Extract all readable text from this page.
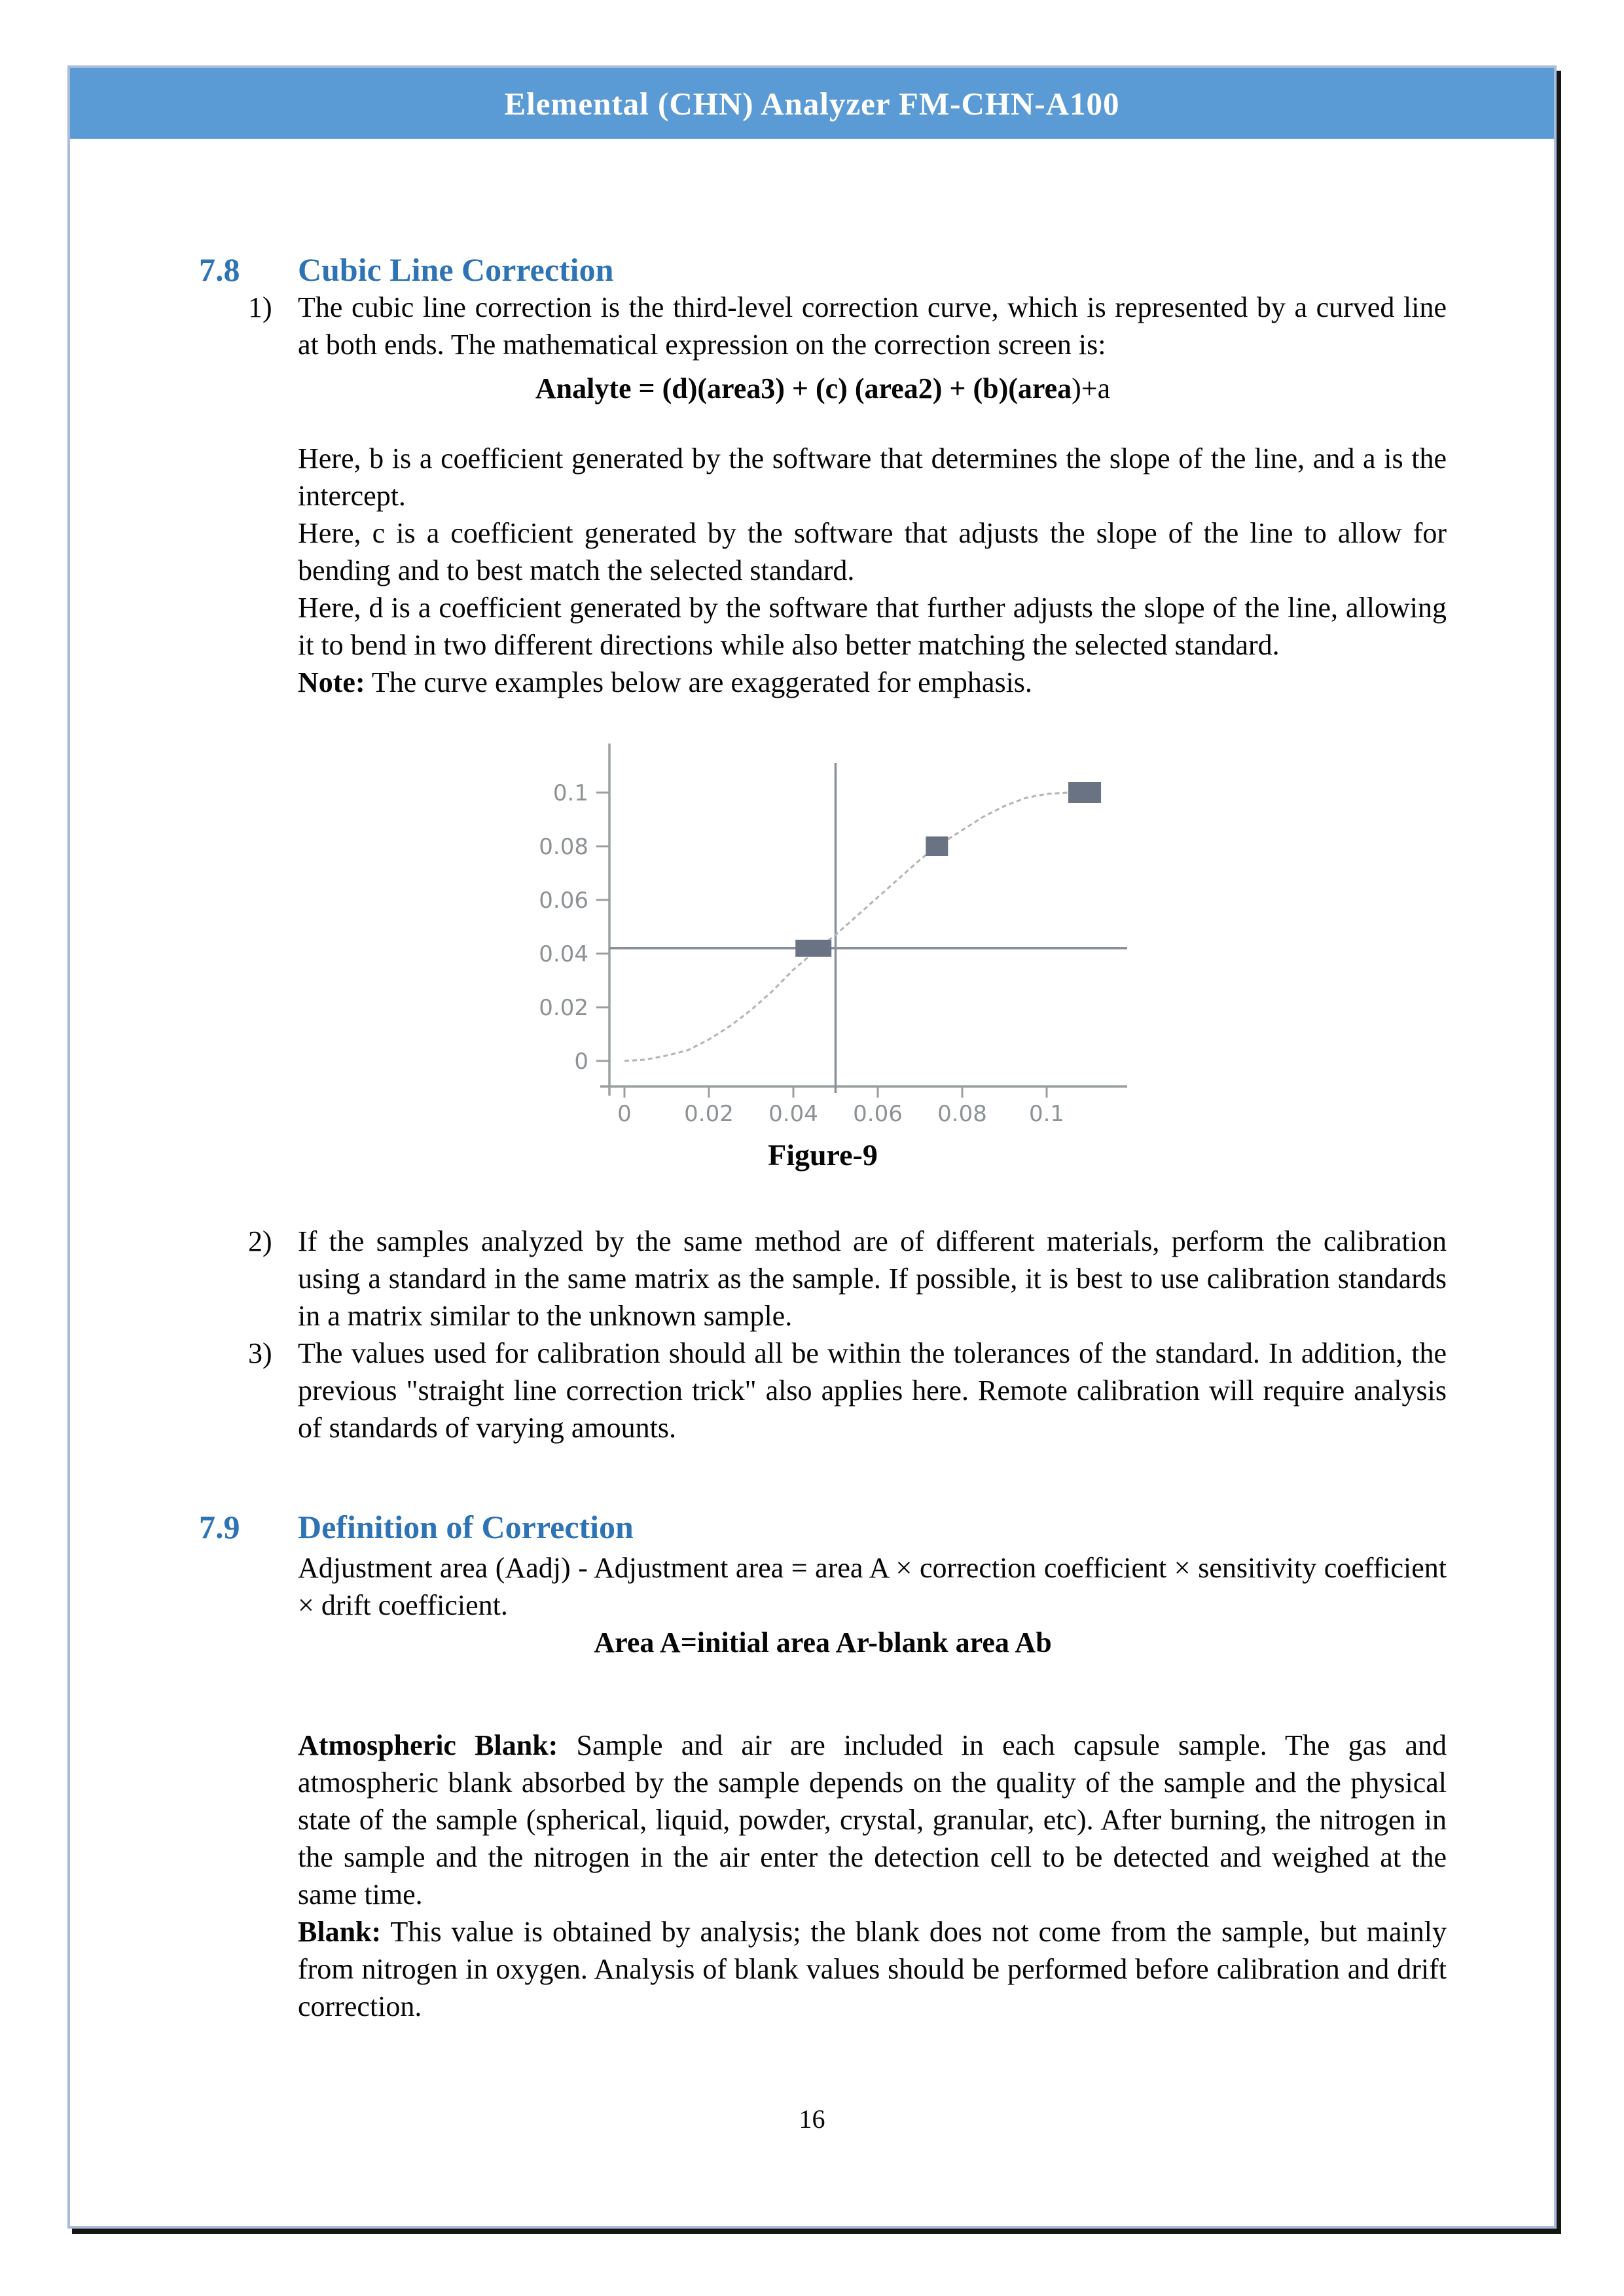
Elemental (CHN) Analyzer FM-CHN-A100
7.8	Cubic Line Correction
1) The cubic line correction is the third-level correction curve, which is represented by a curved line at both ends. The mathematical expression on the correction screen is:
Analyte = (d)(area3) + (c) (area2) + (b)(area)+a
Here, b is a coefficient generated by the software that determines the slope of the line, and a is the intercept.
Here, c is a coefficient generated by the software that adjusts the slope of the line to allow for bending and to best match the selected standard.
Here, d is a coefficient generated by the software that further adjusts the slope of the line, allowing it to bend in two different directions while also better matching the selected standard.
Note: The curve examples below are exaggerated for emphasis.
0 0.02 0.04 0.06 0.08 0.1
0
0.02
0.04
0.06
0.08
0.1
Figure-9
2) If the samples analyzed by the same method are of different materials, perform the calibration using a standard in the same matrix as the sample. If possible, it is best to use calibration standards in a matrix similar to the unknown sample.
3) The values used for calibration should all be within the tolerances of the standard. In addition, the previous "straight line correction trick" also applies here. Remote calibration will require analysis of standards of varying amounts.
7.9	Definition of Correction
Adjustment area (Aadj) - Adjustment area = area A × correction coefficient × sensitivity coefficient × drift coefficient.
Area A=initial area Ar-blank area Ab
Atmospheric Blank: Sample and air are included in each capsule sample. The gas and atmospheric blank absorbed by the sample depends on the quality of the sample and the physical state of the sample (spherical, liquid, powder, crystal, granular, etc). After burning, the nitrogen in the sample and the nitrogen in the air enter the detection cell to be detected and weighed at the same time.
Blank: This value is obtained by analysis; the blank does not come from the sample, but mainly from nitrogen in oxygen. Analysis of blank values should be performed before calibration and drift correction.
16
